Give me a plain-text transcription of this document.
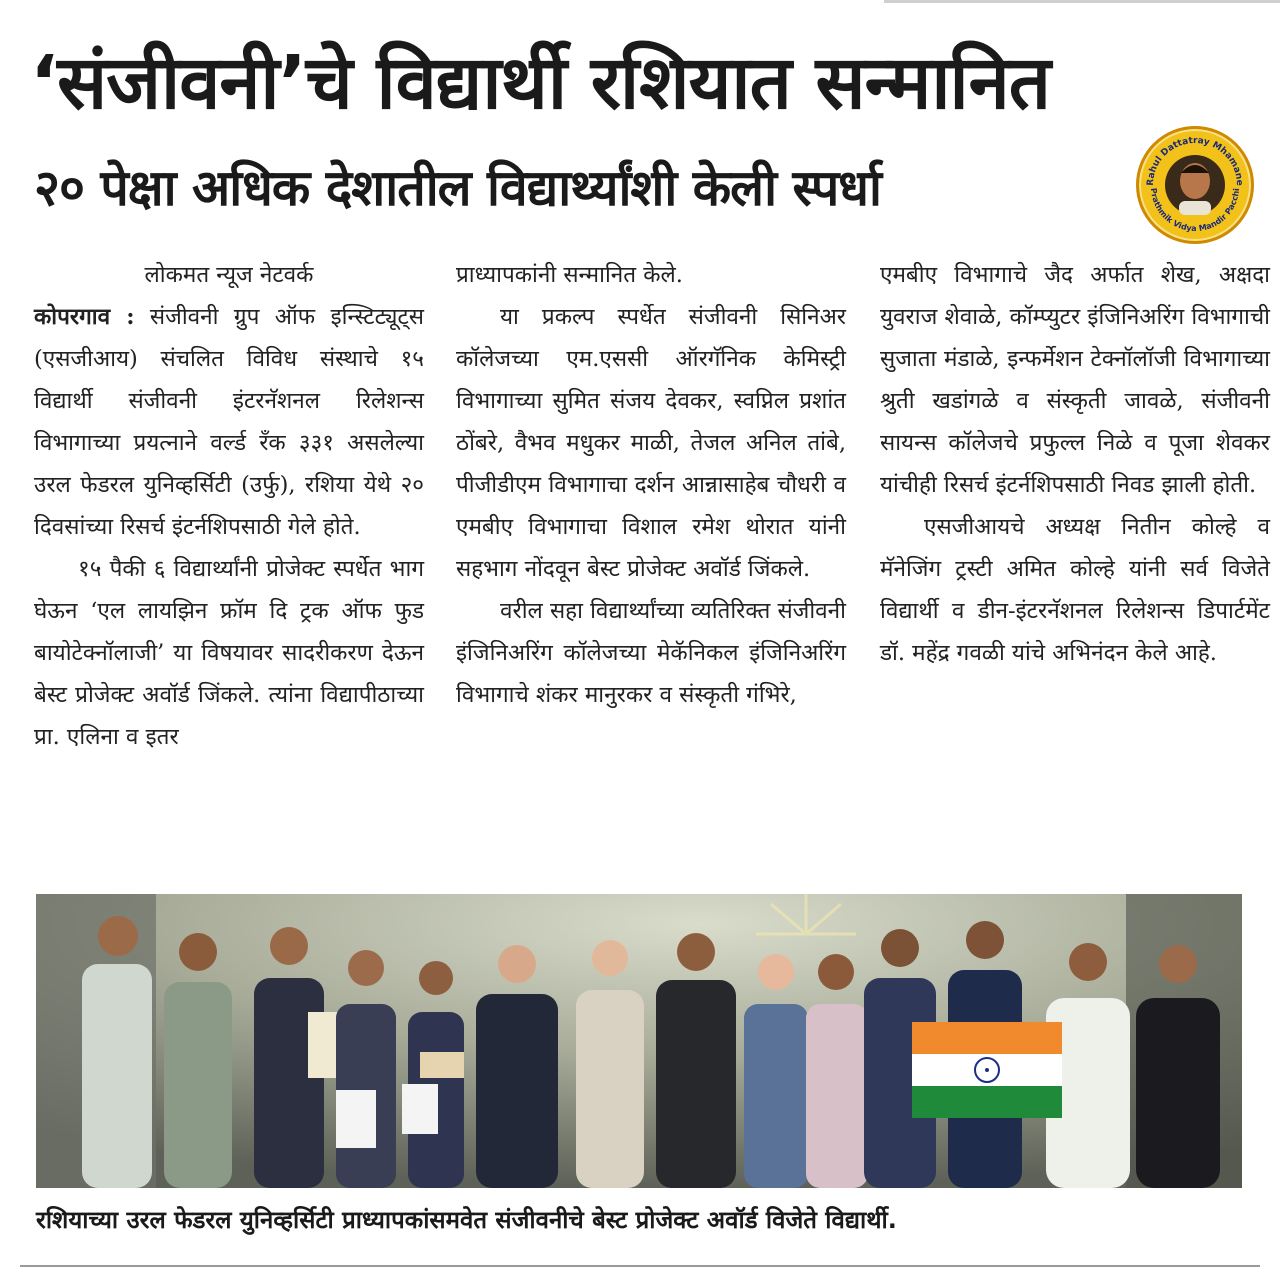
‘संजीवनी’चे विद्यार्थी रशियात सन्मानित
२० पेक्षा अधिक देशातील विद्यार्थ्यांशी केली स्पर्धा	Rahul Dattatray Mhamane
Prathmik Vidya Mandir Pacchi
लोकमत न्यूज नेटवर्क

कोपरगाव : संजीवनी ग्रुप ऑफ इन्स्टिट्यूट्स (एसजीआय) संचलित विविध संस्थाचे १५ विद्यार्थी संजीवनी इंटरनॅशनल रिलेशन्स विभागाच्या प्रयत्नाने वर्ल्ड रँक ३३१ असलेल्या उरल फेडरल युनिव्हर्सिटी (उर्फु), रशिया येथे २० दिवसांच्या रिसर्च इंटर्नशिपसाठी गेले होते.

१५ पैकी ६ विद्यार्थ्यांनी प्रोजेक्ट स्पर्धेत भाग घेऊन ‘एल लायझिन फ्रॉम दि ट्रक ऑफ फुड बायोटेक्नॉलाजी’ या विषयावर सादरीकरण देऊन बेस्ट प्रोजेक्ट अवॉर्ड जिंकले. त्यांना विद्यापीठाच्या प्रा. एलिना व इतर

प्राध्यापकांनी सन्मानित केले.

या प्रकल्प स्पर्धेत संजीवनी सिनिअर कॉलेजच्या एम.एससी ऑरगॅनिक केमिस्ट्री विभागाच्या सुमित संजय देवकर, स्वप्निल प्रशांत ठोंबरे, वैभव मधुकर माळी, तेजल अनिल तांबे, पीजीडीएम विभागाचा दर्शन आन्नासाहेब चौधरी व एमबीए विभागाचा विशाल रमेश थोरात यांनी सहभाग नोंदवून बेस्ट प्रोजेक्ट अवॉर्ड जिंकले.

वरील सहा विद्यार्थ्यांच्या व्यतिरिक्त संजीवनी इंजिनिअरिंग कॉलेजच्या मेकॅनिकल इंजिनिअरिंग विभागाचे शंकर मानुरकर व संस्कृती गंभिरे,

एमबीए विभागाचे जैद अर्फात शेख, अक्षदा युवराज शेवाळे, कॉम्प्युटर इंजिनिअरिंग विभागाची सुजाता मंडाळे, इन्फर्मेशन टेक्नॉलॉजी विभागाच्या श्रुती खडांगळे व संस्कृती जावळे, संजीवनी सायन्स कॉलेजचे प्रफुल्ल निळे व पूजा शेवकर यांचीही रिसर्च इंटर्नशिपसाठी निवड झाली होती.

एसजीआयचे अध्यक्ष नितीन कोल्हे व मॅनेजिंग ट्रस्टी अमित कोल्हे यांनी सर्व विजेते विद्यार्थी व डीन-इंटरनॅशनल रिलेशन्स डिपार्टमेंट डॉ. महेंद्र गवळी यांचे अभिनंदन केले आहे.

रशियाच्या उरल फेडरल युनिव्हर्सिटी प्राध्यापकांसमवेत संजीवनीचे बेस्ट प्रोजेक्ट अवॉर्ड विजेते विद्यार्थी.
